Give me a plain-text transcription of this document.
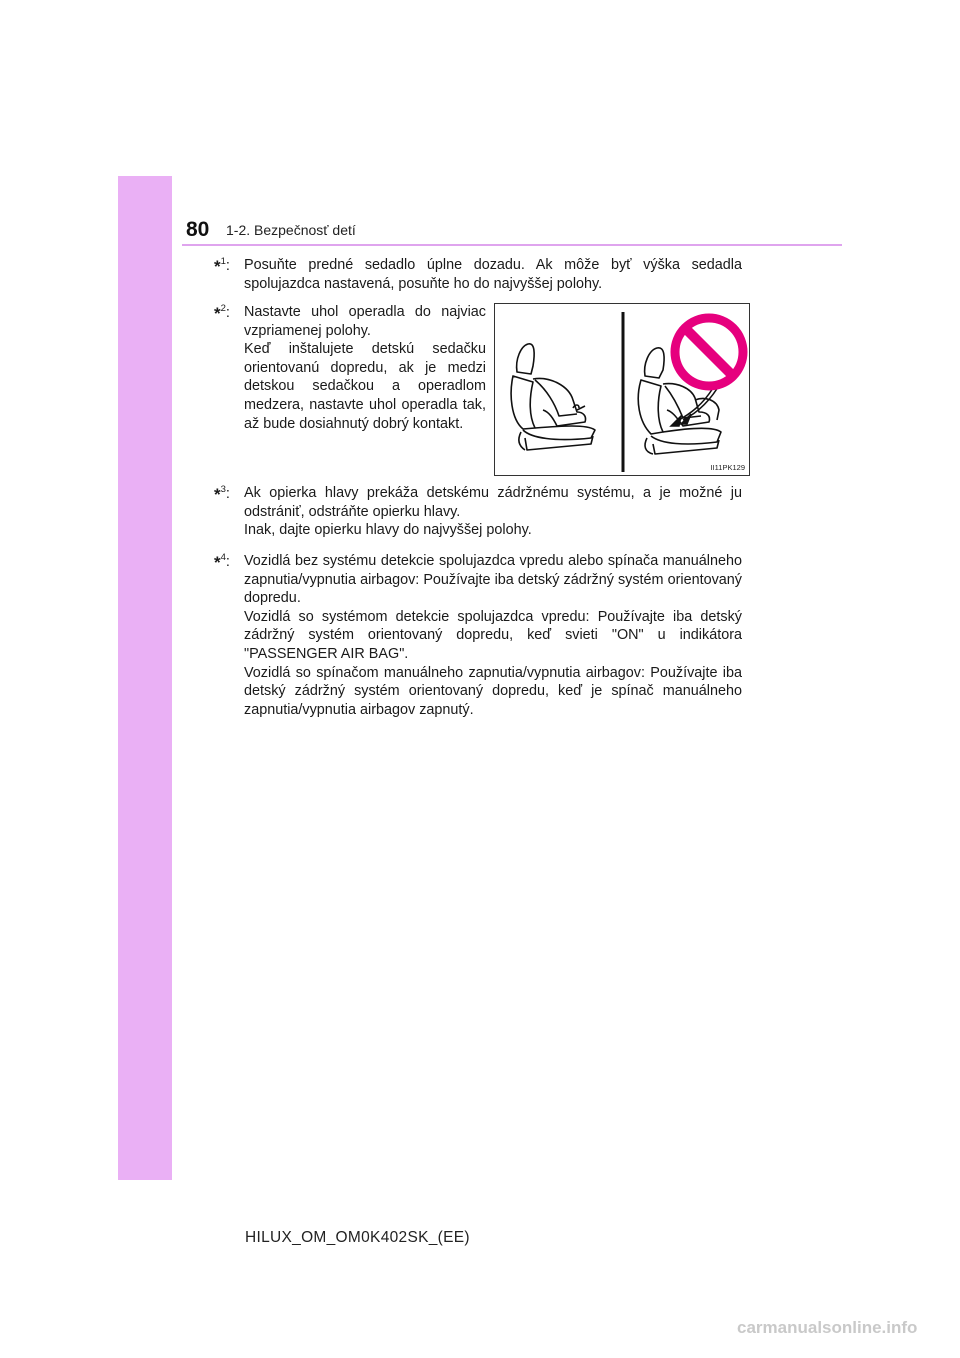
80 1-2. Bezpečnosť detí
*$^1$: Posuňte predné sedadlo úplne dozadu. Ak môže byť výška sedadla spolujazdca nastavená, posuňte ho do najvyššej polohy.

*$^2$: Nastavte uhol operadla do najviac vzpriamenej polohy.

Keď inštalujete detskú sedačku orientovanú dopredu, ak je medzi detskou sedačkou a operadlom medzera, nastavte uhol operadla tak, až bude dosiahnutý dobrý kontakt.

II11PK129
*$^3$: Ak opierka hlavy prekáža detskému zádržnému systému, a je možné ju odstrániť, odstráňte opierku hlavy.

Inak, dajte opierku hlavy do najvyššej polohy.

*$^4$: Vozidlá bez systému detekcie spolujazdca vpredu alebo spínača manuálneho zapnutia/vypnutia airbagov: Používajte iba detský zádržný systém orientovaný dopredu.

Vozidlá so systémom detekcie spolujazdca vpredu: Používajte iba detský zádržný systém orientovaný dopredu, keď svieti "ON" u indikátora "PASSENGER AIR BAG".

Vozidlá so spínačom manuálneho zapnutia/vypnutia airbagov: Používajte iba detský zádržný systém orientovaný dopredu, keď je spínač manuálneho zapnutia/vypnutia airbagov zapnutý.

HILUX_OM_OM0K402SK_(EE)
carmanualsonline.info
